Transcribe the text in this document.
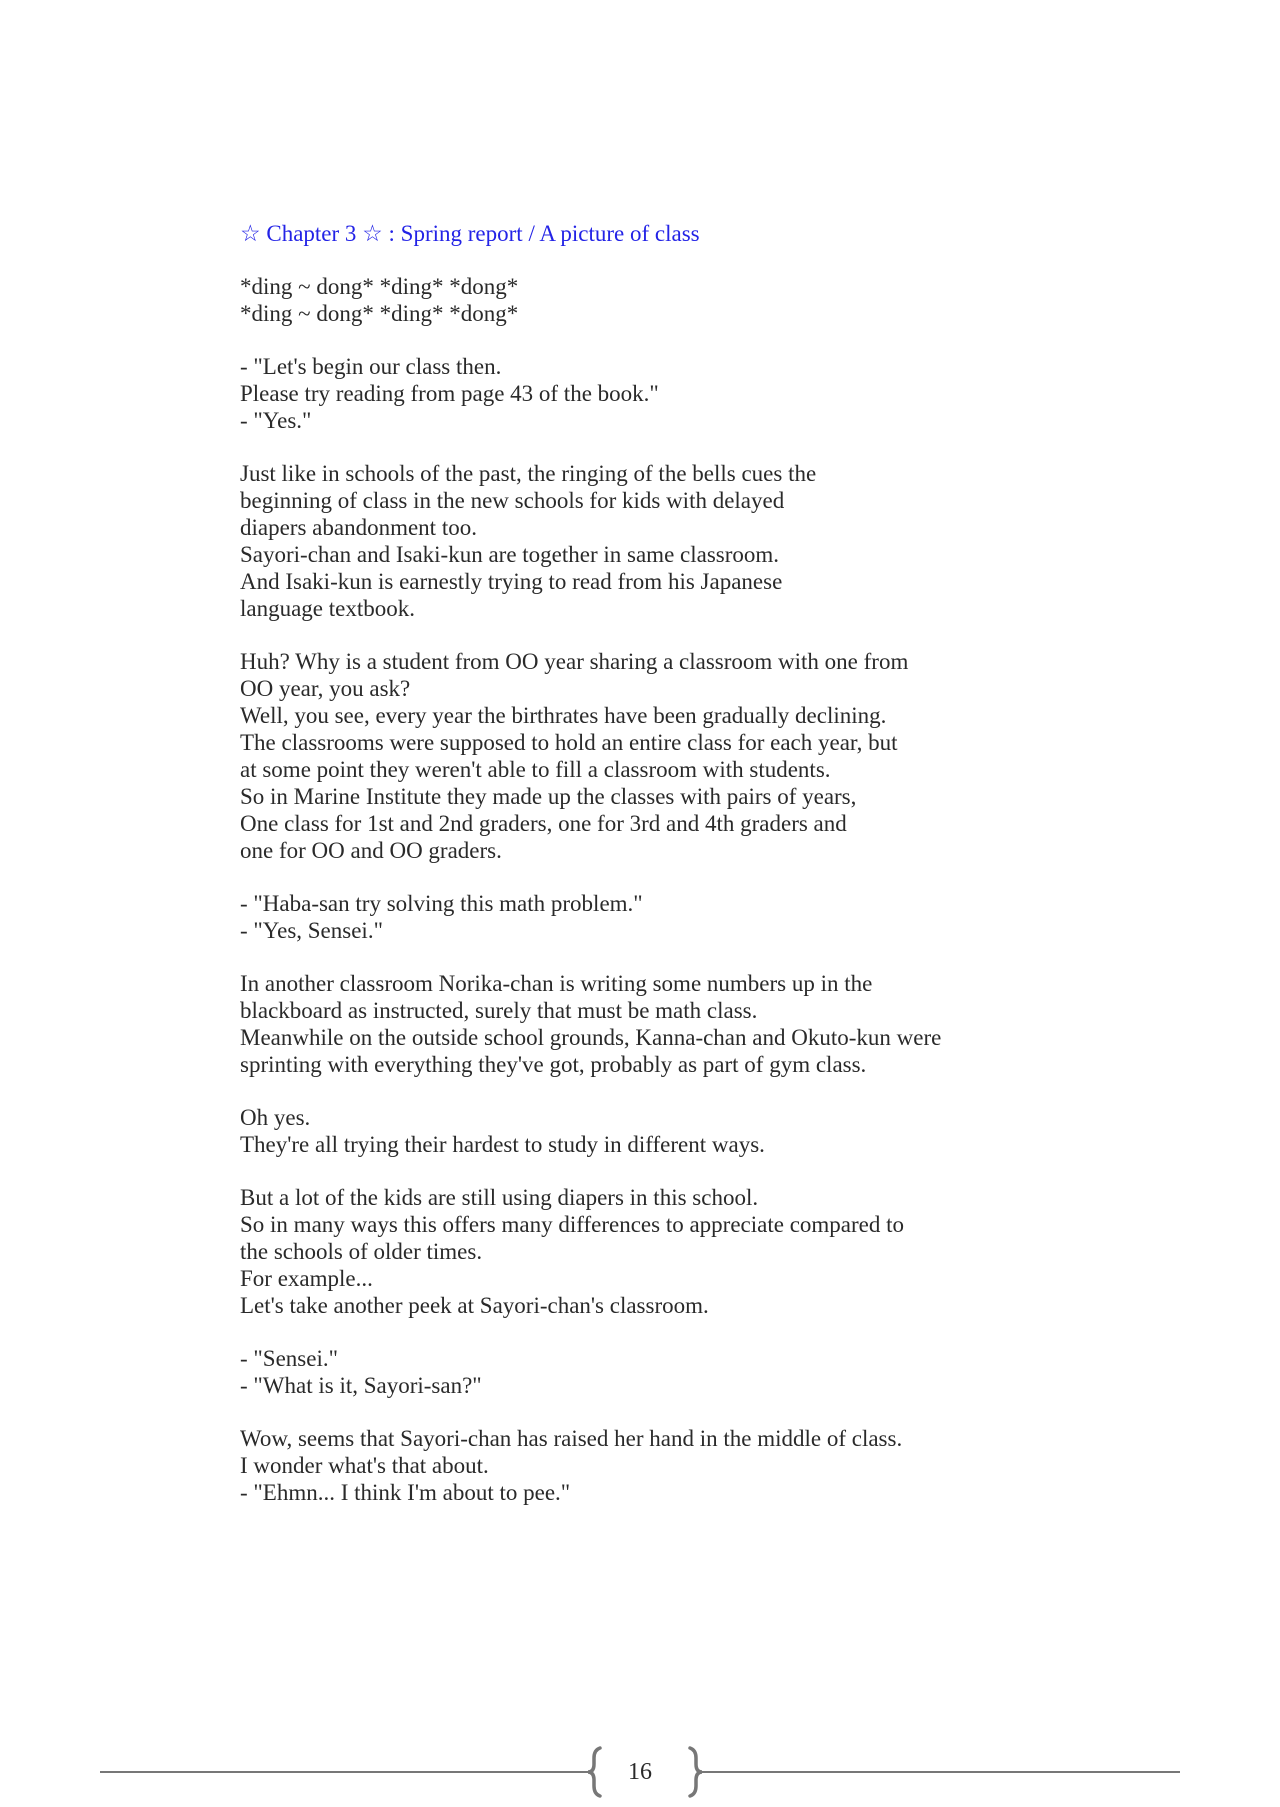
☆ Chapter 3 ☆ : Spring report / A picture of class
*ding ~ dong* *ding* *dong*
*ding ~ dong* *ding* *dong*
- "Let's begin our class then.
Please try reading from page 43 of the book."
- "Yes."
Just like in schools of the past, the ringing of the bells cues the
beginning of class in the new schools for kids with delayed
diapers abandonment too.
Sayori-chan and Isaki-kun are together in same classroom.
And Isaki-kun is earnestly trying to read from his Japanese
language textbook.
Huh? Why is a student from OO year sharing a classroom with one from
OO year, you ask?
Well, you see, every year the birthrates have been gradually declining.
The classrooms were supposed to hold an entire class for each year, but
at some point they weren't able to fill a classroom with students.
So in Marine Institute they made up the classes with pairs of years,
One class for 1st and 2nd graders, one for 3rd and 4th graders and
one for OO and OO graders.
- "Haba-san try solving this math problem."
- "Yes, Sensei."
In another classroom Norika-chan is writing some numbers up in the
blackboard as instructed, surely that must be math class.
Meanwhile on the outside school grounds, Kanna-chan and Okuto-kun were
sprinting with everything they've got, probably as part of gym class.
Oh yes.
They're all trying their hardest to study in different ways.
But a lot of the kids are still using diapers in this school.
So in many ways this offers many differences to appreciate compared to
the schools of older times.
For example...
Let's take another peek at Sayori-chan's classroom.
- "Sensei."
- "What is it, Sayori-san?"
Wow, seems that Sayori-chan has raised her hand in the middle of class.
I wonder what's that about.
- "Ehmn... I think I'm about to pee."
16
